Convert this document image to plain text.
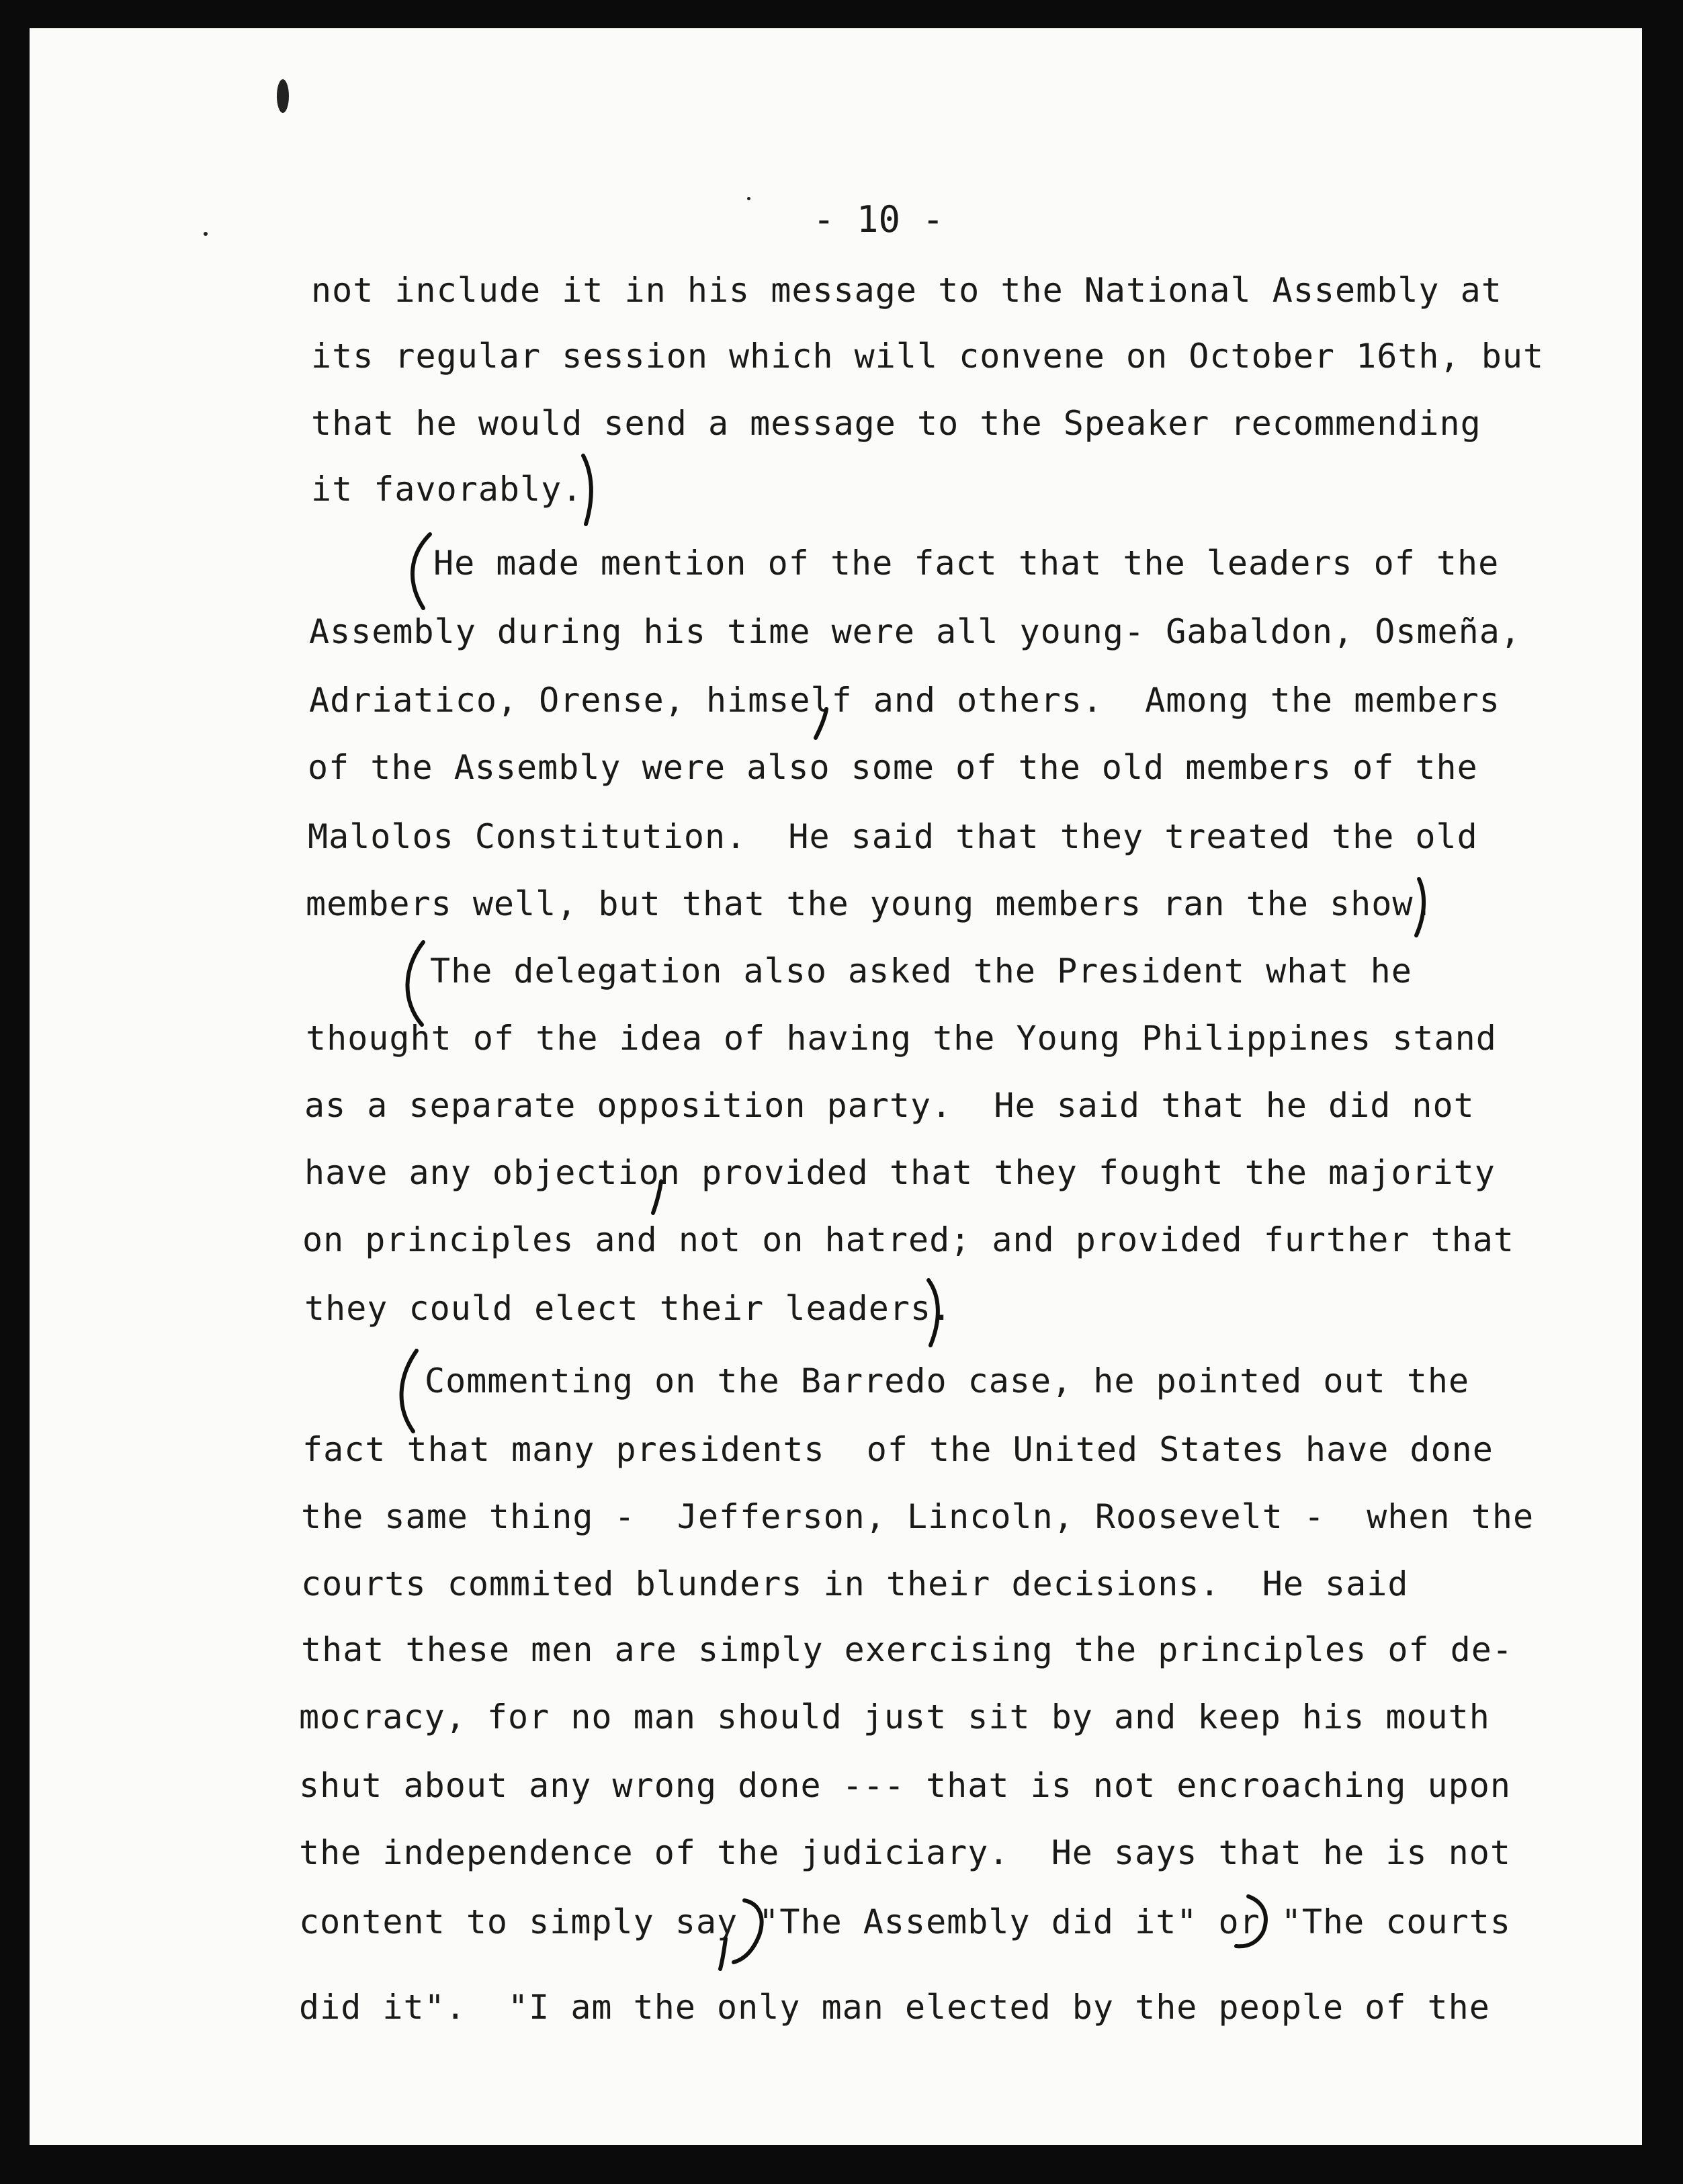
- 10 -
not include it in his message to the National Assembly at
its regular session which will convene on October 16th, but
that he would send a message to the Speaker recommending
it favorably.
He made mention of the fact that the leaders of the
Assembly during his time were all young- Gabaldon, Osmeña,
Adriatico, Orense, himself and others.  Among the members
of the Assembly were also some of the old members of the
Malolos Constitution.  He said that they treated the old
members well, but that the young members ran the show.
The delegation also asked the President what he
thought of the idea of having the Young Philippines stand
as a separate opposition party.  He said that he did not
have any objection provided that they fought the majority
on principles and not on hatred; and provided further that
they could elect their leaders.
Commenting on the Barredo case, he pointed out the
fact that many presidents  of the United States have done
the same thing -  Jefferson, Lincoln, Roosevelt -  when the
courts commited blunders in their decisions.  He said
that these men are simply exercising the principles of de-
mocracy, for no man should just sit by and keep his mouth
shut about any wrong done --- that is not encroaching upon
the independence of the judiciary.  He says that he is not
content to simply say "The Assembly did it" or "The courts
did it".  "I am the only man elected by the people of the
